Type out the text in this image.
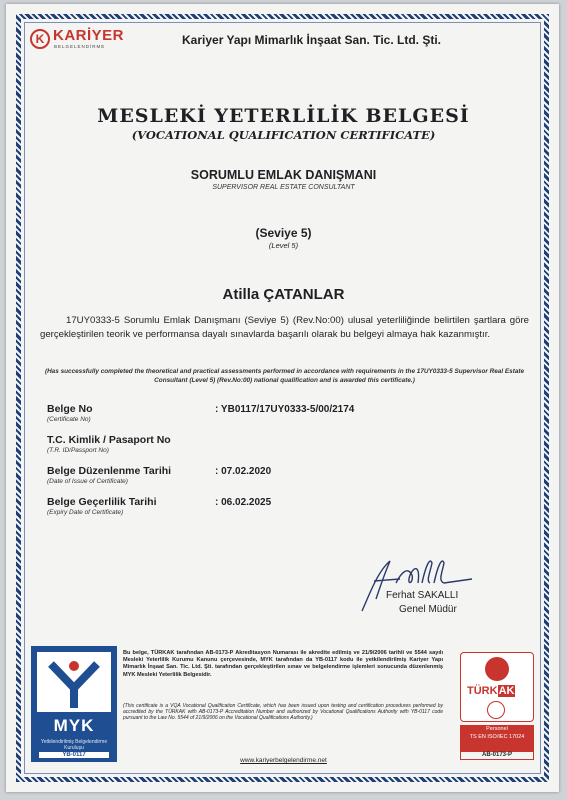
K KARİYER
BELGELENDİRME	Kariyer Yapı Mimarlık İnşaat San. Tic. Ltd. Şti.
MESLEKİ YETERLİLİK BELGESİ
(VOCATIONAL QUALIFICATION CERTIFICATE)
SORUMLU EMLAK DANIŞMANI
SUPERVISOR REAL ESTATE CONSULTANT
(Seviye 5)
(Level 5)
Atilla ÇATANLAR
17UY0333-5 Sorumlu Emlak Danışmanı (Seviye 5) (Rev.No:00) ulusal yeterliliğinde belirtilen şartlara göre gerçekleştirilen teorik ve performansa dayalı sınavlarda başarılı olarak bu belgeyi almaya hak kazanmıştır.
(Has successfully completed the theoretical and practical assessments performed in accordance with requirements in the 17UY0333-5 Supervisor Real Estate Consultant (Level 5) (Rev.No:00) national qualification and is awarded this certificate.)
Belge No
(Certificate No)
: YB0117/17UY0333-5/00/2174
T.C. Kimlik / Pasaport No
(T.R. ID/Passport No)
Belge Düzenlenme Tarihi
(Date of Issue of Certificate)
: 07.02.2020
Belge Geçerlilik Tarihi
(Expiry Date of Certificate)
: 06.02.2025
Ferhat SAKALLI
Genel Müdür
MYK
Yetkilendirilmiş Belgelendirme Kuruluşu
YB-0117
Bu belge, TÜRKAK tarafından AB-0173-P Akreditasyon Numarası ile akredite edilmiş ve 21/9/2006 tarihli ve 5544 sayılı Mesleki Yeterlilik Kurumu Kanunu çerçevesinde, MYK tarafından da YB-0117 kodu ile yetkilendirilmiş Kariyer Yapı Mimarlık İnşaat San. Tic. Ltd. Şti. tarafından gerçekleştirilen sınav ve belgelendirme işlemleri sonucunda düzenlenmiş MYK Mesleki Yeterlilik Belgesidir.
(This certificate is a VQA Vocational Qualification Certificate, which has been issued upon testing and certification procedures performed by accredited by the TÜRKAK with AB-0173-P Accreditation Number and authorized by Vocational Qualifications Authority with YB-0117 code pursuant to the Law No. 5544 of 21/9/2006 on the Vocational Qualifications Authority.)
www.kariyerbelgelendirme.net
TÜRKAK
Personel
TS EN ISO/IEC 17024
AB-0173-P
